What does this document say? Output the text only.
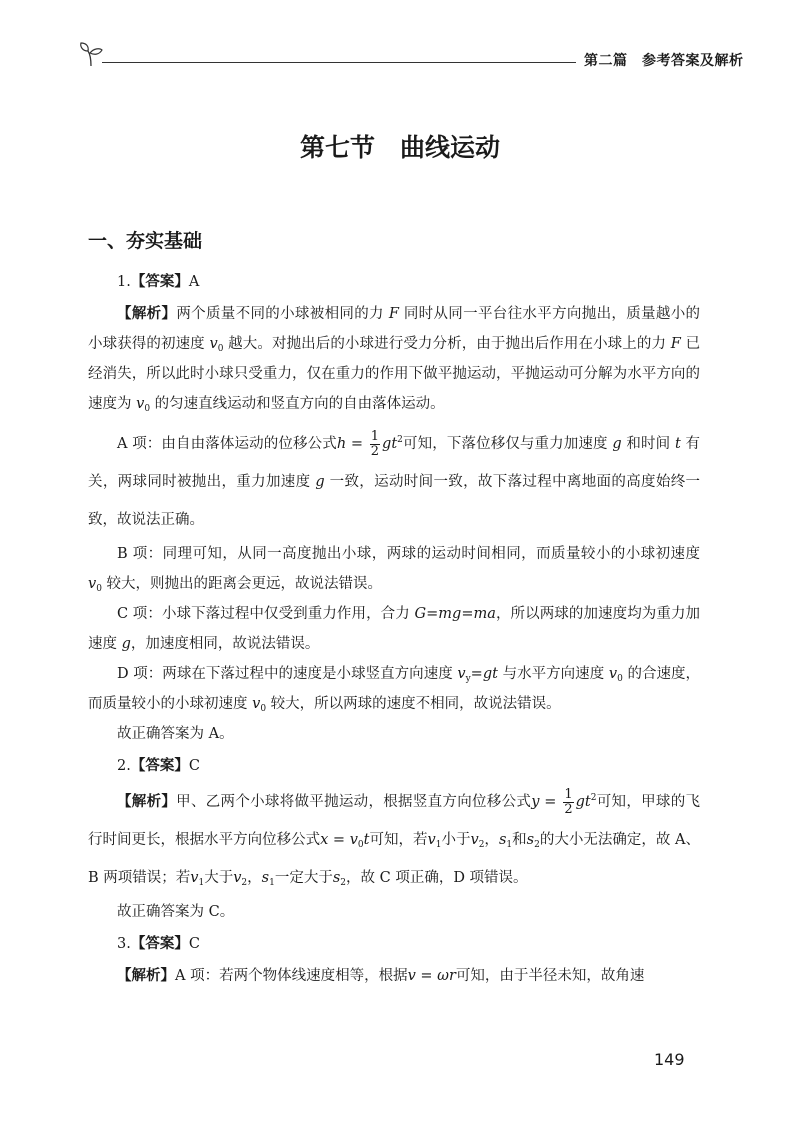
第二篇　参考答案及解析
第七节　曲线运动
一、夯实基础

1.【答案】A

【解析】两个质量不同的小球被相同的力 F 同时从同一平台往水平方向抛出，质量越小的小球获得的初速度 $v_0$ 越大。对抛出后的小球进行受力分析，由于抛出后作用在小球上的力 F 已经消失，所以此时小球只受重力，仅在重力的作用下做平抛运动，平抛运动可分解为水平方向的速度为 $v_0$ 的匀速直线运动和竖直方向的自由落体运动。

A 项：由自由落体运动的位移公式$h = \frac{1}{2} gt^2$可知，下落位移仅与重力加速度 g 和时间 t 有关，两球同时被抛出，重力加速度 g 一致，运动时间一致，故下落过程中离地面的高度始终一致，故说法正确。

B 项：同理可知，从同一高度抛出小球，两球的运动时间相同，而质量较小的小球初速度 $v_0$ 较大，则抛出的距离会更远，故说法错误。

C 项：小球下落过程中仅受到重力作用，合力 G=mg=ma，所以两球的加速度均为重力加速度 g，加速度相同，故说法错误。

D 项：两球在下落过程中的速度是小球竖直方向速度 $v_y=gt$ 与水平方向速度 $v_0$ 的合速度，而质量较小的小球初速度 $v_0$ 较大，所以两球的速度不相同，故说法错误。

故正确答案为 A。

2.【答案】C

【解析】甲、乙两个小球将做平抛运动，根据竖直方向位移公式$y = \frac{1}{2} gt^2$可知，甲球的飞行时间更长，根据水平方向位移公式$x = v_0t$可知，若$v_1$小于$v_2$，$s_1$和$s_2$的大小无法确定，故 A、B 两项错误；若$v_1$大于$v_2$，$s_1$一定大于$s_2$，故 C 项正确，D 项错误。

故正确答案为 C。

3.【答案】C

【解析】A 项：若两个物体线速度相等，根据v = ωr可知，由于半径未知，故角速

149
